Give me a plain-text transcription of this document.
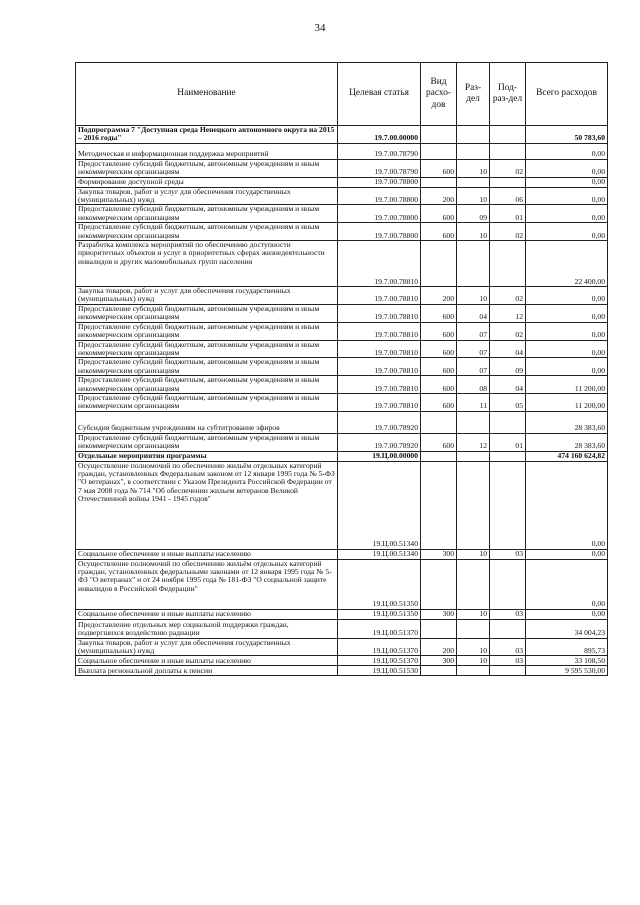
34
Наименование	Целевая статья	Вид расхо-дов	Раз-дел	Под-раз-дел	Всего расходов
Подпрограмма 7 "Доступная среда Ненецкого автономного округа на 2015 – 2016 годы"	19.7.00.00000				50 783,60
Методическая и информационная поддержка мероприятий	19.7.00.78790				0,00
Предоставление субсидий бюджетным, автономным учреждениям и иным некоммерческим организациям	19.7.00.78790	600	10	02	0,00
Формирование доступной среды	19.7.00.78800				0,00
Закупка товаров, работ и услуг для обеспечения государственных (муниципальных) нужд	19.7.00.78800	200	10	06	0,00
Предоставление субсидий бюджетным, автономным учреждениям и иным некоммерческим организациям	19.7.00.78800	600	09	01	0,00
Предоставление субсидий бюджетным, автономным учреждениям и иным некоммерческим организациям	19.7.00.78800	600	10	02	0,00
Разработка комплекса мероприятий по обеспечению доступности приоритетных объектов и услуг в приоритетных сферах жизнедеятельности инвалидов и других маломобильных групп населения	19.7.00.78810				22 400,00
Закупка товаров, работ и услуг для обеспечения государственных (муниципальных) нужд	19.7.00.78810	200	10	02	0,00
Предоставление субсидий бюджетным, автономным учреждениям и иным некоммерческим организациям	19.7.00.78810	600	04	12	0,00
Предоставление субсидий бюджетным, автономным учреждениям и иным некоммерческим организациям	19.7.00.78810	600	07	02	0,00
Предоставление субсидий бюджетным, автономным учреждениям и иным некоммерческим организациям	19.7.00.78810	600	07	04	0,00
Предоставление субсидий бюджетным, автономным учреждениям и иным некоммерческим организациям	19.7.00.78810	600	07	09	0,00
Предоставление субсидий бюджетным, автономным учреждениям и иным некоммерческим организациям	19.7.00.78810	600	08	04	11 200,00
Предоставление субсидий бюджетным, автономным учреждениям и иным некоммерческим организациям	19.7.00.78810	600	11	05	11 200,00
Субсидия бюджетным учреждениям на субтитрование эфиров	19.7.00.78920				28 383,60
Предоставление субсидий бюджетным, автономным учреждениям и иным некоммерческим организациям	19.7.00.78920	600	12	01	28 383,60
Отдельные мероприятия программы	19.Ц.00.00000				474 160 624,82
Осуществление полномочий по обеспечению жильём отдельных категорий граждан, установленных Федеральным законом от 12 января 1995 года № 5-ФЗ "О ветеранах", в соответствии с Указом Президента Российской Федерации от 7 мая 2008 года № 714 "Об обеспечении жильем ветеранов Великой Отечественной войны 1941 - 1945 годов"	19.Ц.00.51340				0,00
Социальное обеспечение и иные выплаты населению	19.Ц.00.51340	300	10	03	0,00
Осуществление полномочий по обеспечению жильём отдельных категорий граждан, установленных федеральными законами от 12 января 1995 года № 5-ФЗ "О ветеранах" и от 24 ноября 1995 года № 181-ФЗ "О социальной защите инвалидов в Российской Федерации"	19.Ц.00.51350				0,00
Социальное обеспечение и иные выплаты населению	19.Ц.00.51350	300	10	03	0,00
Предоставление отдельных мер социальной поддержки граждан, подвергшихся воздействию радиации	19.Ц.00.51370				34 004,23
Закупка товаров, работ и услуг для обеспечения государственных (муниципальных) нужд	19.Ц.00.51370	200	10	03	895,73
Социальное обеспечение и иные выплаты населению	19.Ц.00.51370	300	10	03	33 108,50
Выплата региональной доплаты к пенсии	19.Ц.00.51530				9 595 530,00
